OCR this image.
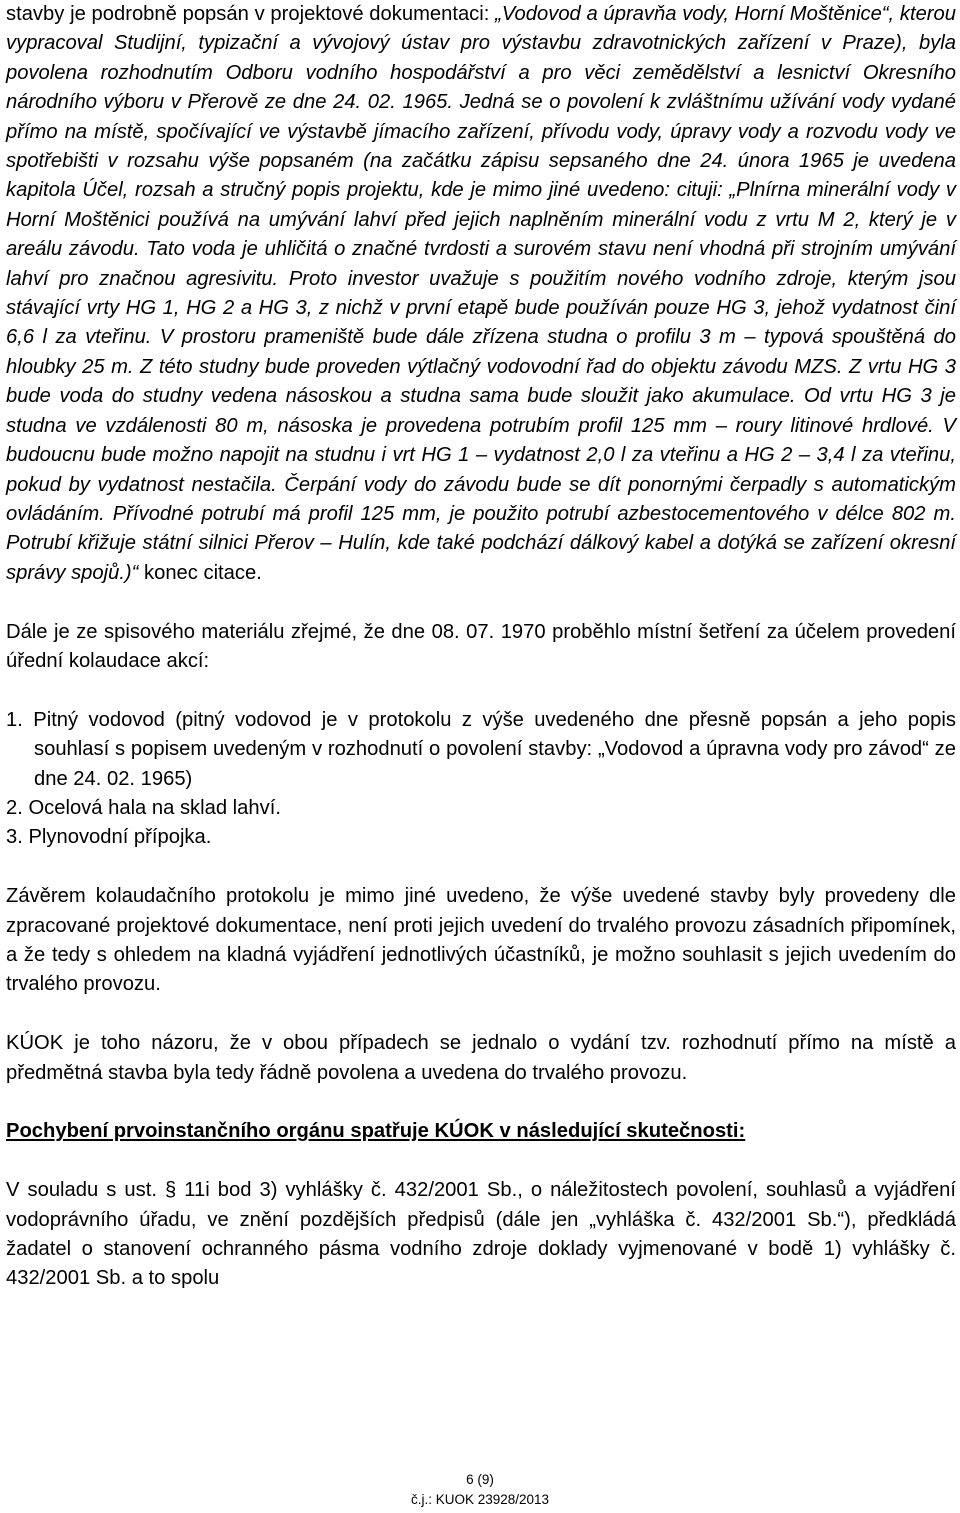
stavby je podrobně popsán v projektové dokumentaci: „Vodovod a úpravňa vody, Horní Moštěnice“, kterou vypracoval Studijní, typizační a vývojový ústav pro výstavbu zdravotnických zařízení v Praze), byla povolena rozhodnutím Odboru vodního hospodářství a pro věci zemědělství a lesnictví Okresního národního výboru v Přerově ze dne 24. 02. 1965. Jedná se o povolení k zvláštnímu užívání vody vydané přímo na místě, spočívající ve výstavbě jímacího zařízení, přívodu vody, úpravy vody a rozvodu vody ve spotřebišti v rozsahu výše popsaném (na začátku zápisu sepsaného dne 24. února 1965 je uvedena kapitola Účel, rozsah a stručný popis projektu, kde je mimo jiné uvedeno: cituji: „Plnírna minerální vody v Horní Moštěnici používá na umývání lahví před jejich naplněním minerální vodu z vrtu M 2, který je v areálu závodu. Tato voda je uhličitá o značné tvrdosti a surovém stavu není vhodná při strojním umývání lahví pro značnou agresivitu. Proto investor uvažuje s použitím nového vodního zdroje, kterým jsou stávající vrty HG 1, HG 2 a HG 3, z nichž v první etapě bude používán pouze HG 3, jehož vydatnost činí 6,6 l za vteřinu. V prostoru prameniště bude dále zřízena studna o profilu 3 m – typová spouštěná do hloubky 25 m. Z této studny bude proveden výtlačný vodovodní řad do objektu závodu MZS. Z vrtu HG 3 bude voda do studny vedena násoskou a studna sama bude sloužit jako akumulace. Od vrtu HG 3 je studna ve vzdálenosti 80 m, násoska je provedena potrubím profil 125 mm – roury litinové hrdlové. V budoucnu bude možno napojit na studnu i vrt HG 1 – vydatnost 2,0 l za vteřinu a HG 2 – 3,4 l za vteřinu, pokud by vydatnost nestačila. Čerpání vody do závodu bude se dít ponornými čerpadly s automatickým ovládáním. Přívodné potrubí má profil 125 mm, je použito potrubí azbestocementového v délce 802 m. Potrubí křižuje státní silnici Přerov – Hulín, kde také podchází dálkový kabel a dotýká se zařízení okresní správy spojů.)“ konec citace.

Dále je ze spisového materiálu zřejmé, že dne 08. 07. 1970 proběhlo místní šetření za účelem provedení úřední kolaudace akcí:

1. Pitný vodovod (pitný vodovod je v protokolu z výše uvedeného dne přesně popsán a jeho popis souhlasí s popisem uvedeným v rozhodnutí o povolení stavby: „Vodovod a úpravna vody pro závod“ ze dne 24. 02. 1965)

2. Ocelová hala na sklad lahví.

3. Plynovodní přípojka.

Závěrem kolaudačního protokolu je mimo jiné uvedeno, že výše uvedené stavby byly provedeny dle zpracované projektové dokumentace, není proti jejich uvedení do trvalého provozu zásadních připomínek, a že tedy s ohledem na kladná vyjádření jednotlivých účastníků, je možno souhlasit s jejich uvedením do trvalého provozu.

KÚOK je toho názoru, že v obou případech se jednalo o vydání tzv. rozhodnutí přímo na místě a předmětná stavba byla tedy řádně povolena a uvedena do trvalého provozu.

Pochybení prvoinstančního orgánu spatřuje KÚOK v následující skutečnosti:

V souladu s ust. § 11i bod 3) vyhlášky č. 432/2001 Sb., o náležitostech povolení, souhlasů a vyjádření vodoprávního úřadu, ve znění pozdějších předpisů (dále jen „vyhláška č. 432/2001 Sb.“), předkládá žadatel o stanovení ochranného pásma vodního zdroje doklady vyjmenované v bodě 1) vyhlášky č. 432/2001 Sb. a to spolu

6 (9)
č.j.: KUOK 23928/2013
